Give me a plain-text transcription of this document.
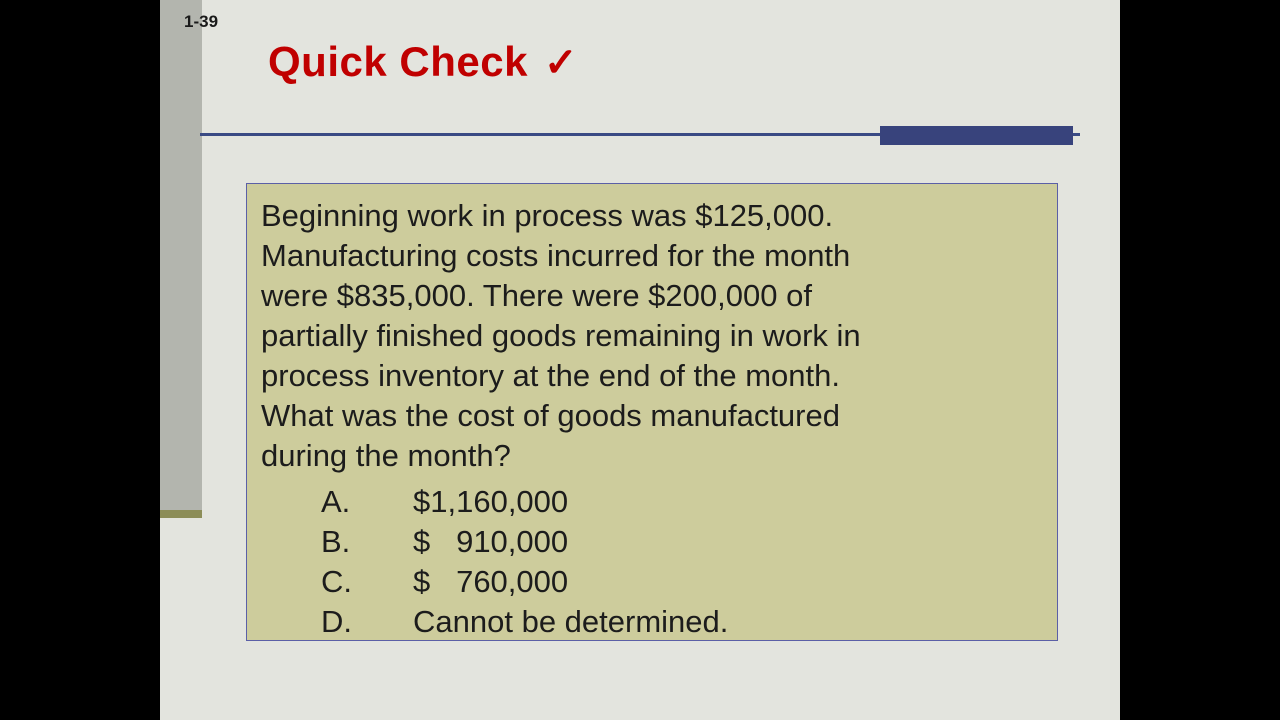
1-39
Quick Check ✓
Beginning work in process was $125,000.
Manufacturing costs incurred for the month
were $835,000. There were $200,000 of
partially finished goods remaining in work in
process inventory at the end of the month.
What was the cost of goods manufactured
during the month?
A.	$1,160,000
B.	$   910,000
C.	$   760,000
D.	Cannot be determined.
